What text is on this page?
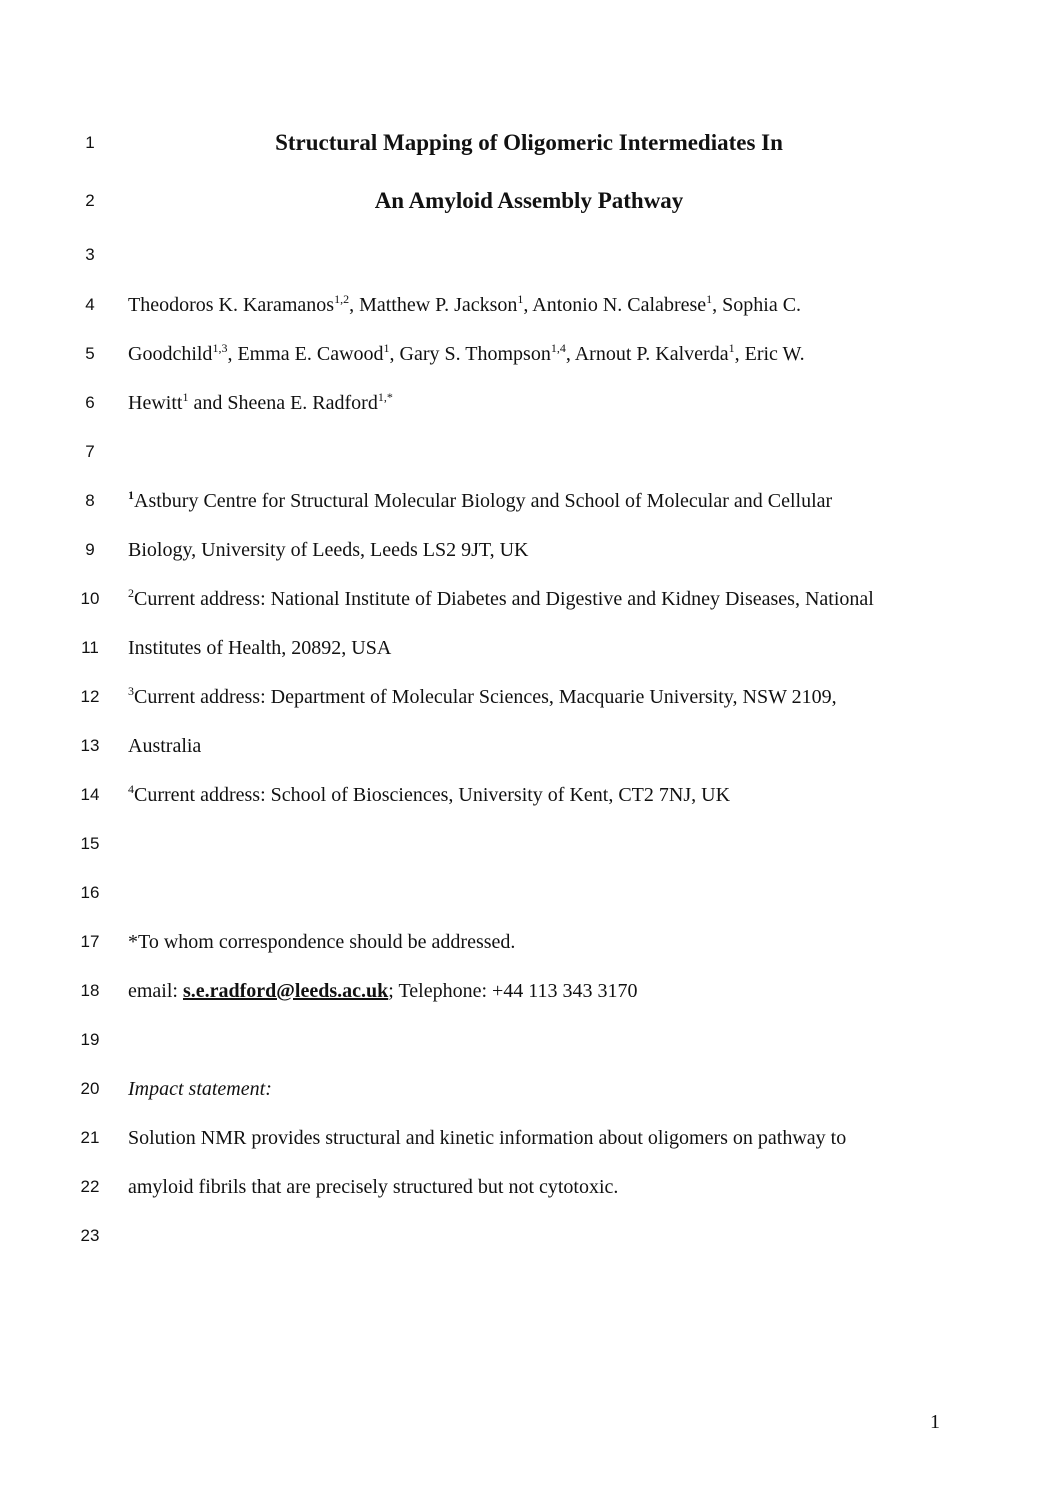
1	Structural Mapping of Oligomeric Intermediates In
2	An Amyloid Assembly Pathway
3
4	Theodoros K. Karamanos$^{1,2}$, Matthew P. Jackson$^1$, Antonio N. Calabrese$^1$, Sophia C.
5	Goodchild$^{1,3}$, Emma E. Cawood$^1$, Gary S. Thompson$^{1,4}$, Arnout P. Kalverda$^1$, Eric W.
6	Hewitt$^1$ and Sheena E. Radford$^{1,*}$
7
8	$^1$Astbury Centre for Structural Molecular Biology and School of Molecular and Cellular
9	Biology, University of Leeds, Leeds LS2 9JT, UK
10	$^2$Current address: National Institute of Diabetes and Digestive and Kidney Diseases, National
11	Institutes of Health, 20892, USA
12	$^3$Current address: Department of Molecular Sciences, Macquarie University, NSW 2109,
13	Australia
14	$^4$Current address: School of Biosciences, University of Kent, CT2 7NJ, UK
15
16
17	*To whom correspondence should be addressed.
18	email: s.e.radford@leeds.ac.uk; Telephone: +44 113 343 3170
19
20	Impact statement:
21	Solution NMR provides structural and kinetic information about oligomers on pathway to
22	amyloid fibrils that are precisely structured but not cytotoxic.
23
1
